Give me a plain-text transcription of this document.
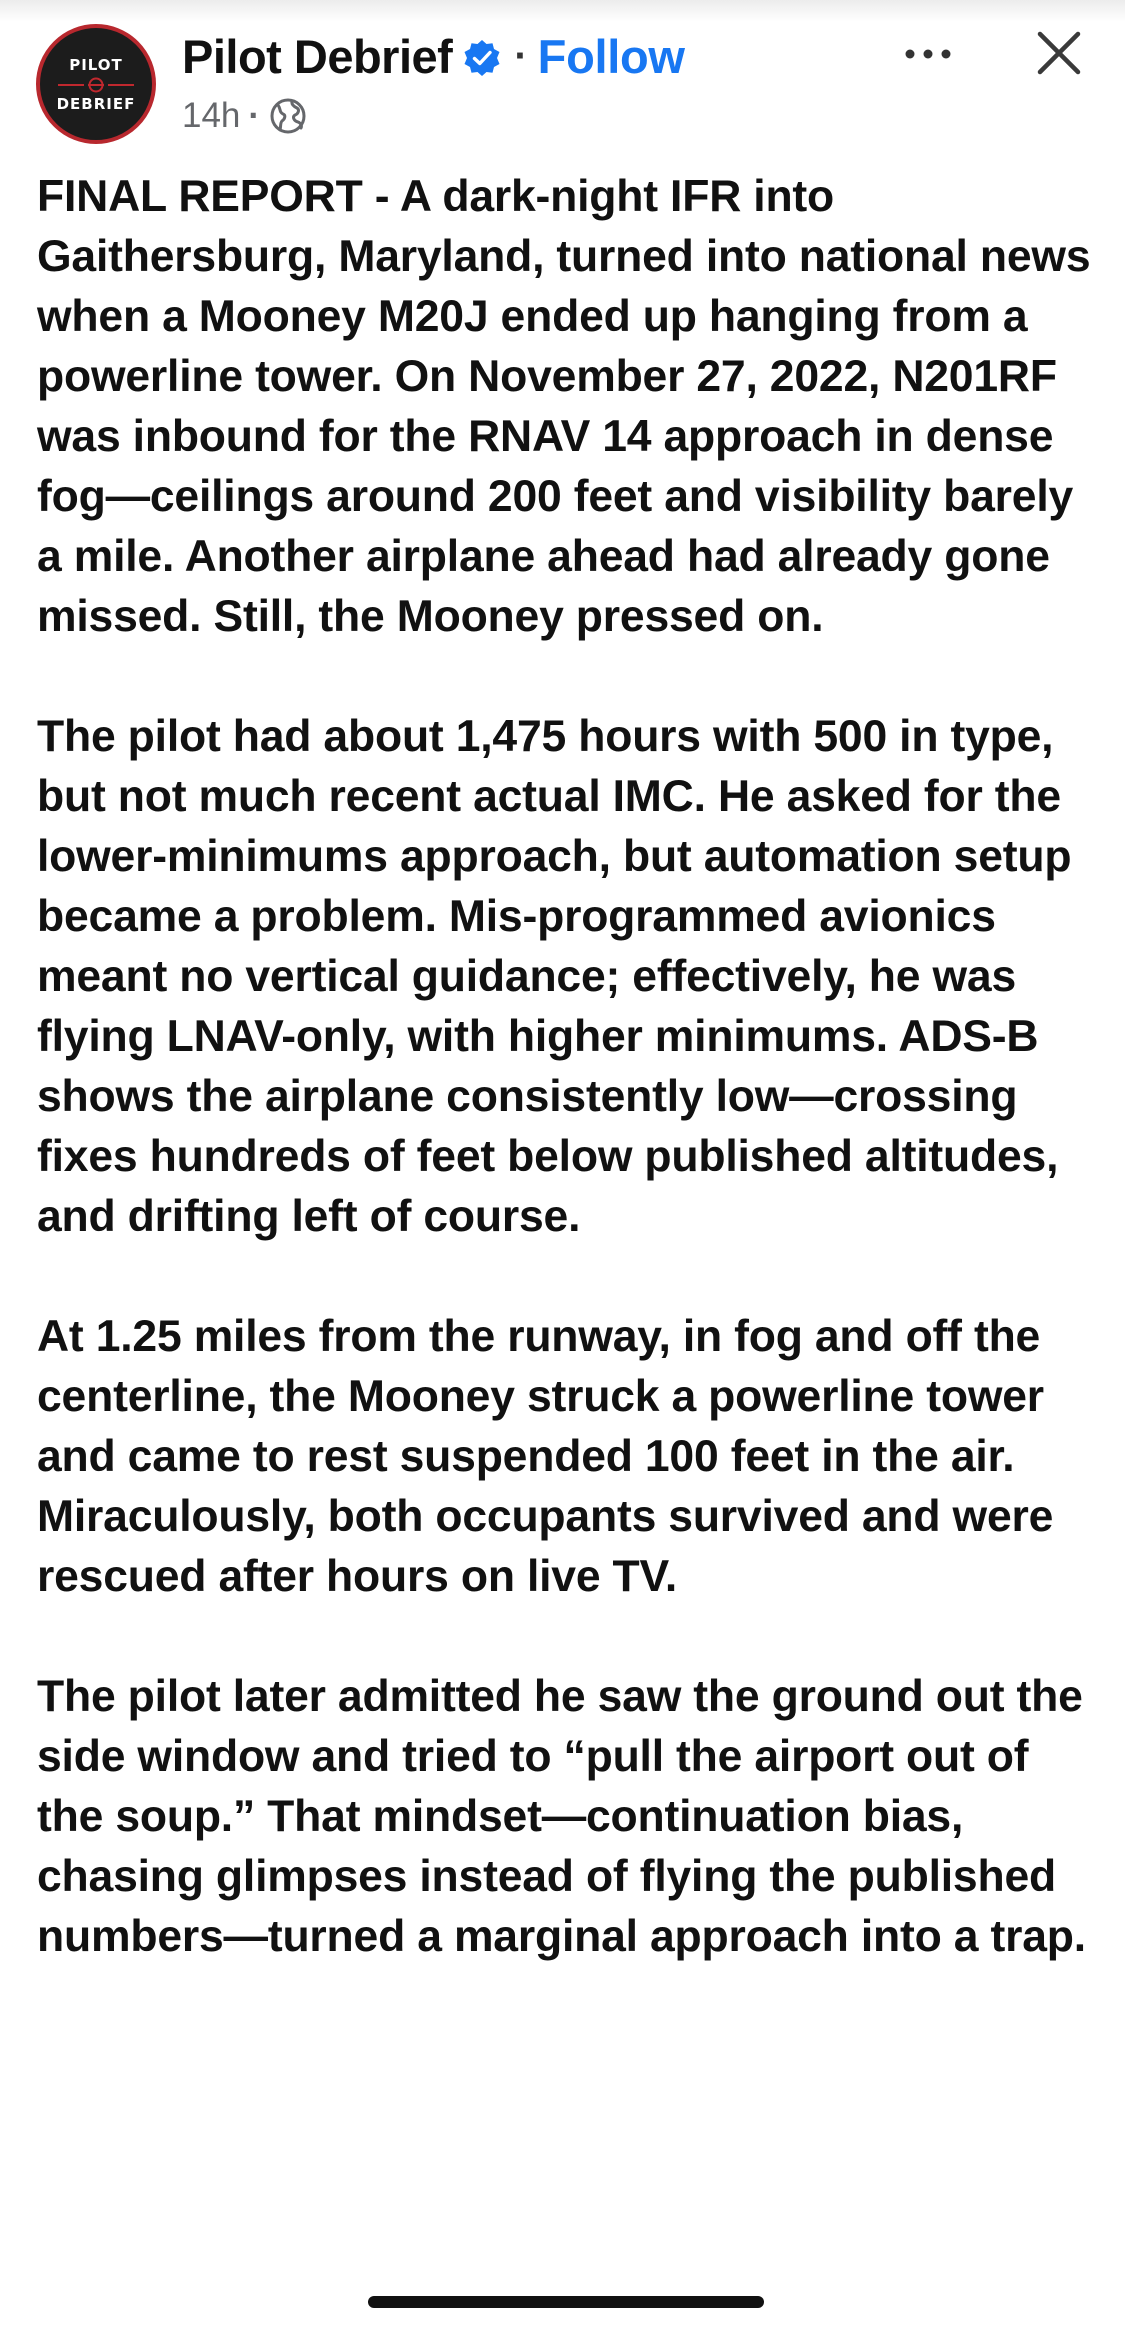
PILOT
DEBRIEF
Pilot Debrief · Follow
14h ·

FINAL REPORT - A dark-night IFR into Gaithersburg, Maryland, turned into national news when a Mooney M20J ended up hanging from a powerline tower. On November 27, 2022, N201RF was inbound for the RNAV 14 approach in dense fog—ceilings around 200 feet and visibility barely a mile. Another airplane ahead had already gone missed. Still, the Mooney pressed on.

The pilot had about 1,475 hours with 500 in type, but not much recent actual IMC. He asked for the lower-minimums approach, but automation setup became a problem. Mis-programmed avionics meant no vertical guidance; effectively, he was flying LNAV-only, with higher minimums. ADS-B shows the airplane consistently low—crossing fixes hundreds of feet below published altitudes, and drifting left of course.

At 1.25 miles from the runway, in fog and off the centerline, the Mooney struck a powerline tower and came to rest suspended 100 feet in the air. Miraculously, both occupants survived and were rescued after hours on live TV.

The pilot later admitted he saw the ground out the side window and tried to “pull the airport out of the soup.” That mindset—continuation bias, chasing glimpses instead of flying the published numbers—turned a marginal approach into a trap.
